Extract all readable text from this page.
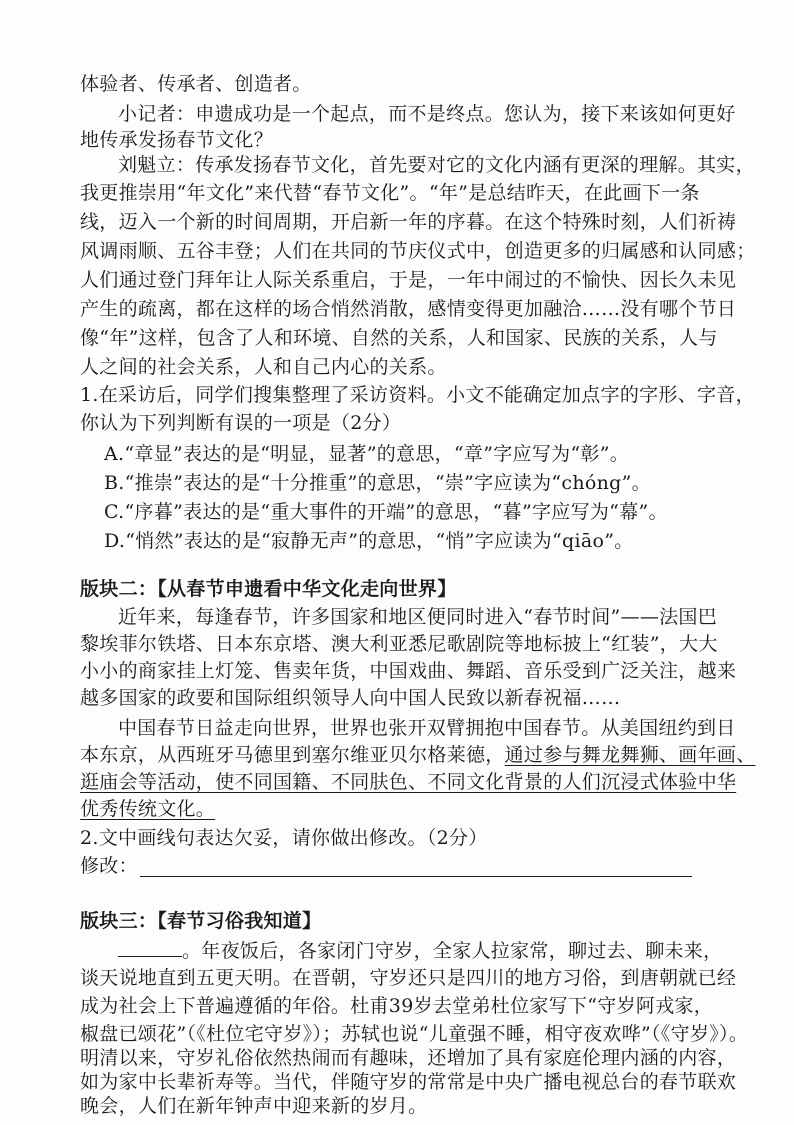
体验者、传承者、创造者。
小记者：申遗成功是一个起点，而不是终点。您认为，接下来该如何更好
地传承发扬春节文化？
刘魁立：传承发扬春节文化，首先要对它的文化内涵有更深的理解。其实，
我更推崇用“年文化”来代替“春节文化”。“年”是总结昨天，在此画下一条
线，迈入一个新的时间周期，开启新一年的序暮。在这个特殊时刻，人们祈祷
风调雨顺、五谷丰登；人们在共同的节庆仪式中，创造更多的归属感和认同感；
人们通过登门拜年让人际关系重启，于是，一年中闹过的不愉快、因长久未见
产生的疏离，都在这样的场合悄然消散，感情变得更加融洽……没有哪个节日
像“年”这样，包含了人和环境、自然的关系，人和国家、民族的关系，人与
人之间的社会关系，人和自己内心的关系。
1.在采访后，同学们搜集整理了采访资料。小文不能确定加点字的字形、字音，
你认为下列判断有误的一项是（2分）
A.“章显”表达的是“明显，显著”的意思，“章”字应写为“彰”。
B.“推崇”表达的是“十分推重”的意思，“崇”字应读为“chóng”。
C.“序暮”表达的是“重大事件的开端”的意思，“暮”字应写为“幕”。
D.“悄然”表达的是“寂静无声”的意思，“悄”字应读为“qiāo”。
版块二：【从春节申遗看中华文化走向世界】
近年来，每逢春节，许多国家和地区便同时进入“春节时间”——法国巴
黎埃菲尔铁塔、日本东京塔、澳大利亚悉尼歌剧院等地标披上“红装”，大大
小小的商家挂上灯笼、售卖年货，中国戏曲、舞蹈、音乐受到广泛关注，越来
越多国家的政要和国际组织领导人向中国人民致以新春祝福……
中国春节日益走向世界，世界也张开双臂拥抱中国春节。从美国纽约到日
本东京，从西班牙马德里到塞尔维亚贝尔格莱德，通过参与舞龙舞狮、画年画、
逛庙会等活动，使不同国籍、不同肤色、不同文化背景的人们沉浸式体验中华
优秀传统文化。
2.文中画线句表达欠妥，请你做出修改。（2分）
修改：
版块三：【春节习俗我知道】
。年夜饭后，各家闭门守岁，全家人拉家常，聊过去、聊未来，
谈天说地直到五更天明。在晋朝，守岁还只是四川的地方习俗，到唐朝就已经
成为社会上下普遍遵循的年俗。杜甫39岁去堂弟杜位家写下“守岁阿戎家，
椒盘已颂花”（《杜位宅守岁》）；苏轼也说“儿童强不睡，相守夜欢哗”（《守岁》）。
明清以来，守岁礼俗依然热闹而有趣味，还增加了具有家庭伦理内涵的内容，
如为家中长辈祈寿等。当代，伴随守岁的常常是中央广播电视总台的春节联欢
晚会，人们在新年钟声中迎来新的岁月。
